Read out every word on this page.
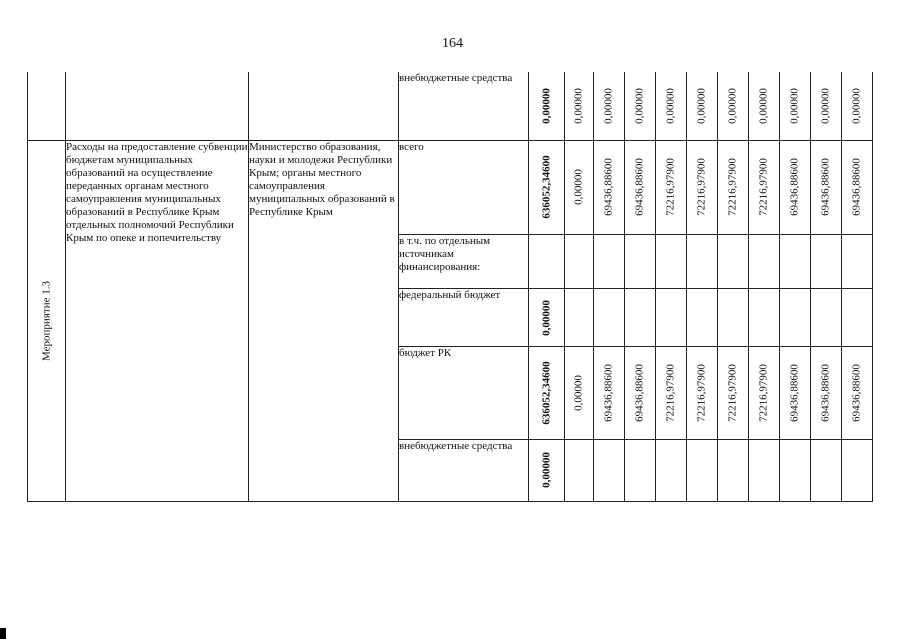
164
			внебюджетные средства	0,00000	0,00000	0,00000	0,00000	0,00000	0,00000	0,00000	0,00000	0,00000	0,00000	0,00000

Мероприятие 1.3	Расходы на предоставление субвенции бюджетам муниципальных образований на осуществление переданных органам местного самоуправления муниципальных образований в Республике Крым отдельных полномочий Республики Крым по опеке и попечительству	Министерство образования, науки и молодежи Республики Крым; органы местного самоуправления муниципальных образований в Республике Крым	всего	636052,34600	0,00000	69436,88600	69436,88600	72216,97900	72216,97900	72216,97900	72216,97900	69436,88600	69436,88600	69436,88600

			в т.ч. по отдельным источникам финансирования:	

			федеральный бюджет	0,00000										

			бюджет РК	636052,34600	0,00000	69436,88600	69436,88600	72216,97900	72216,97900	72216,97900	72216,97900	69436,88600	69436,88600	69436,88600

			внебюджетные средства	0,00000										
